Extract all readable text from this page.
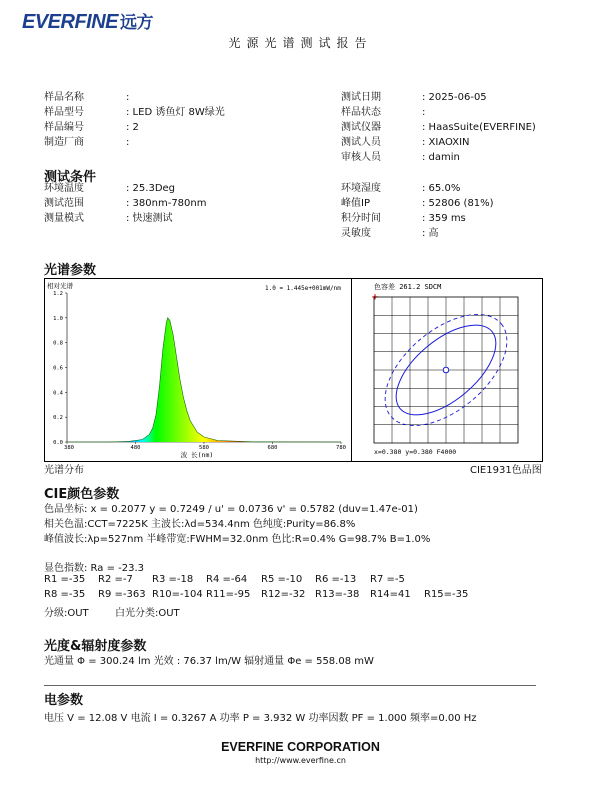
EVERFINE 远方
光源光谱测试报告
样品名称	:
样品型号	: LED 诱鱼灯 8W绿光
样品编号	: 2
制造厂商	:
测试日期	: 2025-06-05
样品状态	:
测试仪器	: HaasSuite(EVERFINE)
测试人员	: XIAOXIN
审核人员	: damin
测试条件
环境温度	: 25.3Deg
测试范围	: 380nm-780nm
测量模式	: 快速测试
环境湿度	: 65.0%
峰值IP	: 52806 (81%)
积分时间	: 359 ms
灵敏度	: 高
光谱参数
相对光谱	1.0 = 1.445e+001mW/nm
0.0
0.2
0.4
0.6
0.8
1.0
1.2
380	480	580	680	780
波 长(nm)
色容差 261.2 SDCM
+
x=0.380 y=0.380 F4000
光谱分布	CIE1931色品图
CIE颜色参数
色品坐标: x = 0.2077 y = 0.7249 / u' = 0.0736 v' = 0.5782 (duv=1.47e-01)
相关色温:CCT=7225K 主波长:λd=534.4nm 色纯度:Purity=86.8%
峰值波长:λp=527nm 半峰带宽:FWHM=32.0nm 色比:R=0.4% G=98.7% B=1.0%
显色指数: Ra = -23.3
R1 =-35 R2 =-7 R3 =-18 R4 =-64 R5 =-10 R6 =-13 R7 =-5
R8 =-35 R9 =-363 R10=-104 R11=-95 R12=-32 R13=-38 R14=41 R15=-35
分级:OUT	白光分类:OUT
光度&辐射度参数
光通量 Φ = 300.24 lm 光效 : 76.37 lm/W 辐射通量 Φe = 558.08 mW
电参数
电压 V = 12.08 V 电流 I = 0.3267 A 功率 P = 3.932 W 功率因数 PF = 1.000 频率=0.00 Hz
EVERFINE CORPORATION
http://www.everfine.cn
